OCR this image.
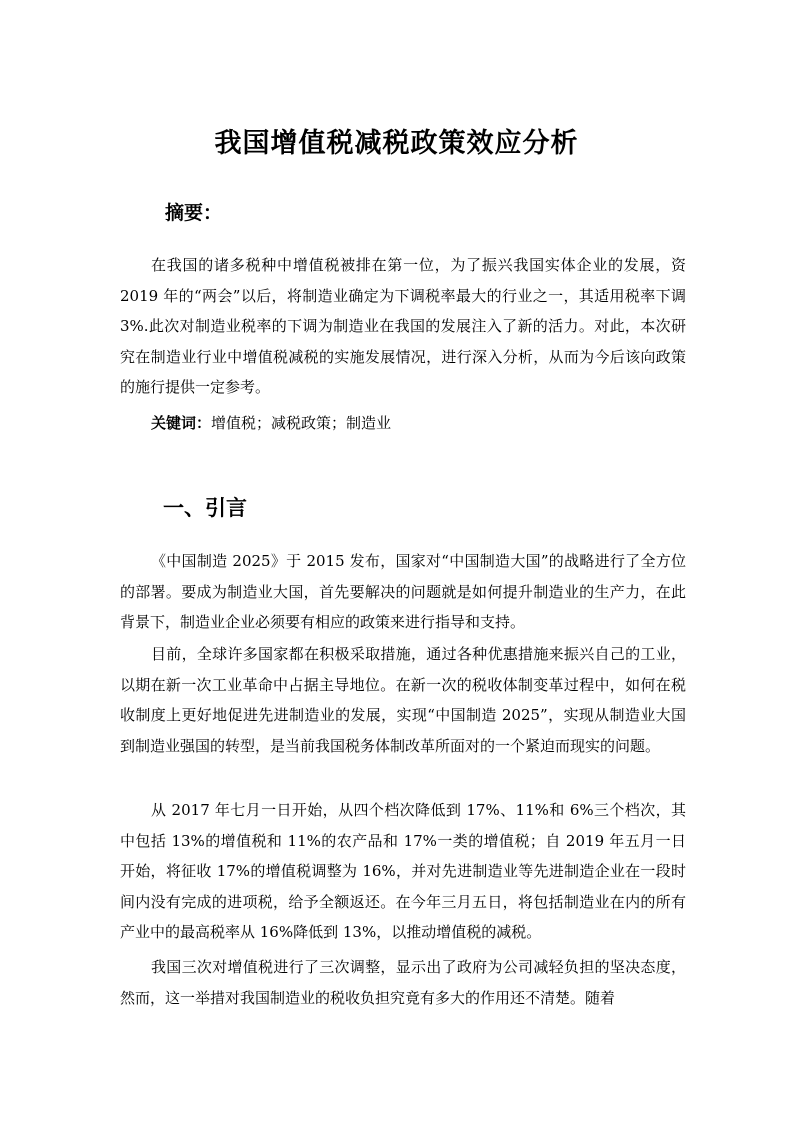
我国增值税减税政策效应分析
摘要：

在我国的诸多税种中增值税被排在第一位，为了振兴我国实体企业的发展，资 2019 年的“两会”以后，将制造业确定为下调税率最大的行业之一，其适用税率下调 3%.此次对制造业税率的下调为制造业在我国的发展注入了新的活力。对此，本次研究在制造业行业中增值税减税的实施发展情况，进行深入分析，从而为今后该向政策的施行提供一定参考。

关键词：增值税；减税政策；制造业
一、引言

《中国制造 2025》于 2015 发布，国家对“中国制造大国”的战略进行了全方位的部署。要成为制造业大国，首先要解决的问题就是如何提升制造业的生产力，在此背景下，制造业企业必须要有相应的政策来进行指导和支持。

目前，全球许多国家都在积极采取措施，通过各种优惠措施来振兴自己的工业，以期在新一次工业革命中占据主导地位。在新一次的税收体制变革过程中，如何在税收制度上更好地促进先进制造业的发展，实现“中国制造 2025”，实现从制造业大国到制造业强国的转型，是当前我国税务体制改革所面对的一个紧迫而现实的问题。

从 2017 年七月一日开始，从四个档次降低到 17%、11%和 6%三个档次，其中包括 13%的增值税和 11%的农产品和 17%一类的增值税；自 2019 年五月一日开始，将征收 17%的增值税调整为 16%，并对先进制造业等先进制造企业在一段时间内没有完成的进项税，给予全额返还。在今年三月五日，将包括制造业在内的所有产业中的最高税率从 16%降低到 13%，以推动增值税的减税。

我国三次对增值税进行了三次调整，显示出了政府为公司减轻负担的坚决态度，然而，这一举措对我国制造业的税收负担究竟有多大的作用还不清楚。随着
